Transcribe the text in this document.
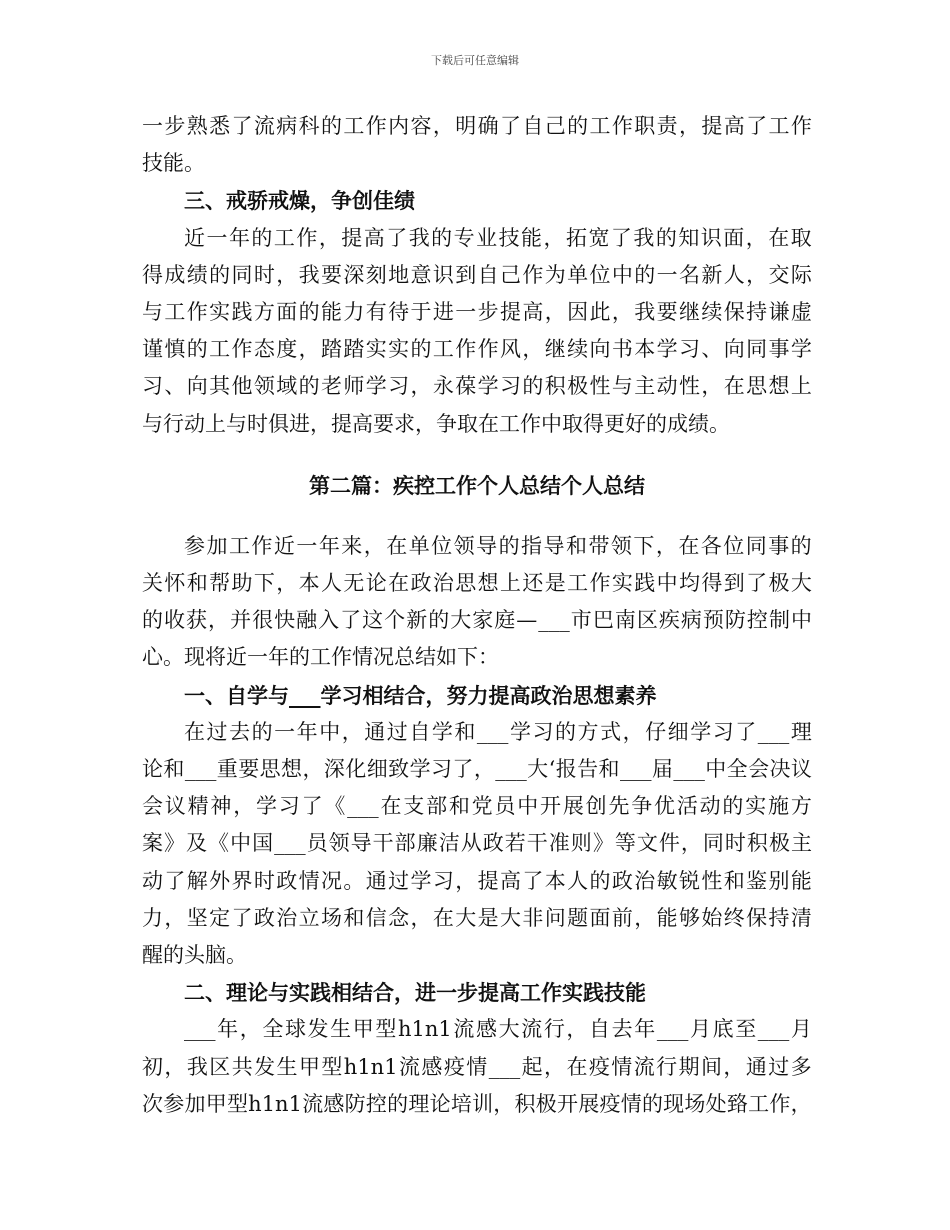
下载后可任意编辑
一 步 熟 悉 了 流 病 科 的 工 作 内 容 ， 明 确 了 自 己 的 工 作 职 责 ， 提 高 了 工 作
技能。
三、戒骄戒燥，争创佳绩
近 一 年 的 工 作 ， 提 高 了 我 的 专 业 技 能 ， 拓 宽 了 我 的 知 识 面 ， 在 取
得 成 绩 的 同 时 ， 我 要 深 刻 地 意 识 到 自 己 作 为 单 位 中 的 一 名 新 人 ， 交 际
与 工 作 实 践 方 面 的 能 力 有 待 于 进 一 步 提 高 ， 因 此 ， 我 要 继 续 保 持 谦 虚
谨 慎 的 工 作 态 度 ， 踏 踏 实 实 的 工 作 作 风 ， 继 续 向 书 本 学 习 、 向 同 事 学
习 、 向 其 他 领 域 的 老 师 学 习 ， 永 葆 学 习 的 积 极 性 与 主 动 性 ， 在 思 想 上
与行动上与时俱进，提高要求，争取在工作中取得更好的成绩。
第二篇：疾控工作个人总结个人总结
参 加 工 作 近 一 年 来 ， 在 单 位 领 导 的 指 导 和 带 领 下 ， 在 各 位 同 事 的
关 怀 和 帮 助 下 ， 本 人 无 论 在 政 治 思 想 上 还 是 工 作 实 践 中 均 得 到 了 极 大
的 收 获 ， 并 很 快 融 入 了 这 个 新 的 大 家 庭 — ___ 市 巴 南 区 疾 病 预 防 控 制 中
心。现将近一年的工作情况总结如下：
一、自学与___学习相结合，努力提高政治思想素养
在 过 去 的 一 年 中 ， 通 过 自 学 和 ___ 学 习 的 方 式 ， 仔 细 学 习 了 ___ 理
论 和 ___ 重 要 思 想 ， 深 化 细 致 学 习 了 ， ___ 大 ‘ 报 告 和 ___ 届 ___ 中 全 会 决 议
会 议 精 神 ， 学 习 了 《 ___ 在 支 部 和 党 员 中 开 展 创 先 争 优 活 动 的 实 施 方
案 》 及 《 中 国 ___ 员 领 导 干 部 廉 洁 从 政 若 干 准 则 》 等 文 件 ， 同 时 积 极 主
动 了 解 外 界 时 政 情 况 。 通 过 学 习 ， 提 高 了 本 人 的 政 治 敏 锐 性 和 鉴 别 能
力 ， 坚 定 了 政 治 立 场 和 信 念 ， 在 大 是 大 非 问 题 面 前 ， 能 够 始 终 保 持 清
醒的头脑。
二、理论与实践相结合，进一步提高工作实践技能
___ 年 ， 全 球 发 生 甲 型 h1n1 流 感 大 流 行 ， 自 去 年 ___ 月 底 至 ___ 月
初 ， 我 区 共 发 生 甲 型 h1n1 流 感 疫 情 ___ 起 ， 在 疫 情 流 行 期 间 ， 通 过 多
次 参 加 甲 型 h1n1 流 感 防 控 的 理 论 培 训 ， 积 极 开 展 疫 情 的 现 场 处 臵 工 作 ，
